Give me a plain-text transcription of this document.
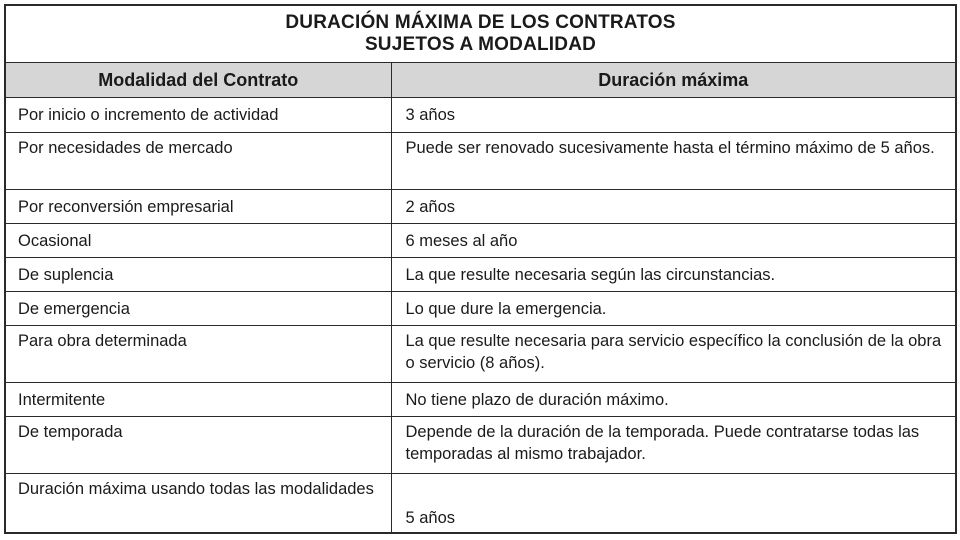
DURACIÓN MÁXIMA DE LOS CONTRATOS
SUJETOS A MODALIDAD
Modalidad del Contrato	Duración máxima
Por inicio o incremento de actividad	3 años
Por necesidades de mercado	Puede ser renovado sucesivamente hasta el término máximo de 5 años.
Por reconversión empresarial	2 años
Ocasional	6 meses al año
De suplencia	La que resulte necesaria según las circunstancias.
De emergencia	Lo que dure la emergencia.
Para obra determinada	La que resulte necesaria para servicio específico la conclusión de la obra o servicio (8 años).
Intermitente	No tiene plazo de duración máximo.
De temporada	Depende de la duración de la temporada. Puede contratarse todas las temporadas al mismo trabajador.
Duración máxima usando todas las modalidades	5 años
